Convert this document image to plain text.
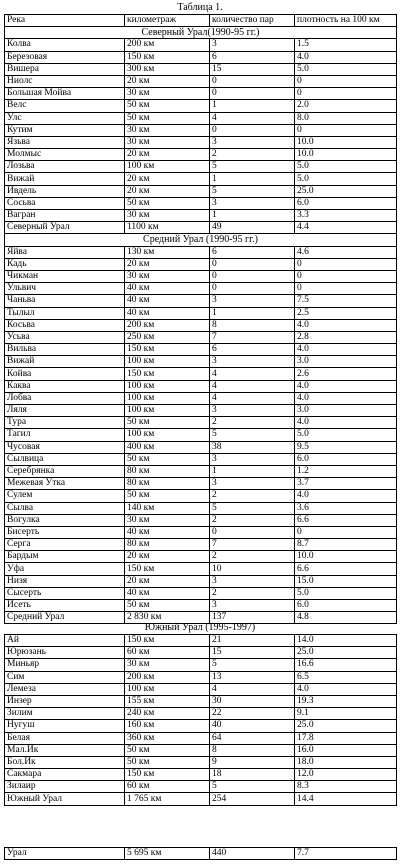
Таблица 1.
Река	километраж	количество пар	плотность на 100 км
Северный Урал(1990-95 гг.)			
Колва	200 км	3	1.5
Березовая	150 км	6	4.0
Вишера	300 км	15	5.0
Ниолс	20 км	0	0
Большая Мойва	30 км	0	0
Велс	50 км	1	2.0
Улс	50 км	4	8.0
Кутим	30 км	0	0
Язьва	30 км	3	10.0
Молмыс	20 км	2	10.0
Лозьва	100 км	5	5.0
Вижай	20 км	1	5.0
Ивдель	20 км	5	25.0
Сосьва	50 км	3	6.0
Вагран	30 км	1	3.3
Северный Урал	1100 км	49	4.4
Средний Урал (1990-95 гг.)			
Яйва	130 км	6	4.6
Кадь	20 км	0	0
Чикман	30 км	0	0
Ульвич	40 км	0	0
Чаньва	40 км	3	7.5
Тылыл	40 км	1	2.5
Косьва	200 км	8	4.0
Усьва	250 км	7	2.8
Вильва	150 км	6	4.0
Вижай	100 км	3	3.0
Койва	150 км	4	2.6
Каква	100 км	4	4.0
Лобва	100 км	4	4.0
Ляля	100 км	3	3.0
Тура	50 км	2	4.0
Тагил	100 км	5	5.0
Чусовая	400 км	38	9.5
Сылвица	50 км	3	6.0
Серебрянка	80 км	1	1.2
Межевая Утка	80 км	3	3.7
Сулем	50 км	2	4.0
Сылва	140 км	5	3.6
Вогулка	30 км	2	6.6
Бисерть	40 км	0	0
Серга	80 км	7	8.7
Бардым	20 км	2	10.0
Уфа	150 км	10	6.6
Низя	20 км	3	15.0
Сысерть	40 км	2	5.0
Исеть	50 км	3	6.0
Средний Урал	2 830 км	137	4.8
Южный Урал (1995-1997)
Ай	150 км	21	14.0
Юрюзань	60 км	15	25.0
Миньяр	30 км	5	16.6
Сим	200 км	13	6.5
Лемеза	100 км	4	4.0
Инзер	155 км	30	19.3
Зилим	240 км	22	9.1
Нугуш	160 км	40	25.0
Белая	360 км	64	17.8
Мал.Ик	50 км	8	16.0
Бол.Ик	50 км	9	18.0
Сакмара	150 км	18	12.0
Зилаир	60 км	5	8.3
Южный Урал	1 765 км	254	14.4
Урал	5 695 км	440	7.7
